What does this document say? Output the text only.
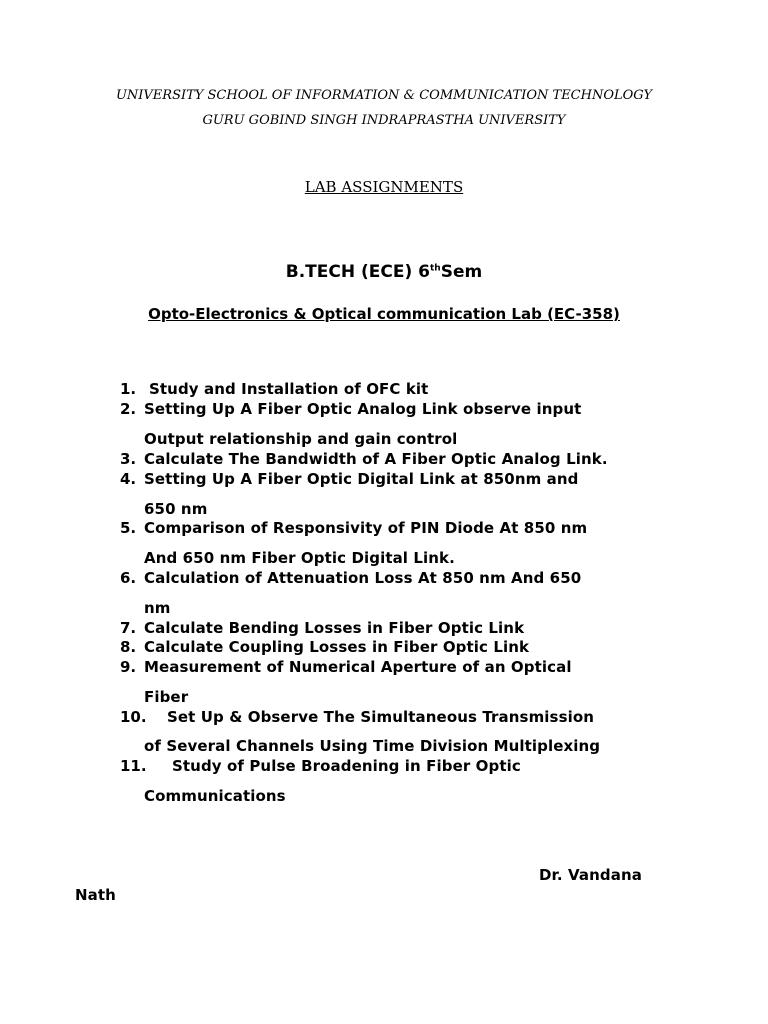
UNIVERSITY SCHOOL OF INFORMATION & COMMUNICATION TECHNOLOGY
GURU GOBIND SINGH INDRAPRASTHA UNIVERSITY
LAB ASSIGNMENTS
B.TECH (ECE) 6thSem
Opto-Electronics & Optical communication Lab (EC-358)
1. Study and Installation of OFC kit
2. Setting Up A Fiber Optic Analog Link observe input
Output relationship and gain control
3. Calculate The Bandwidth of A Fiber Optic Analog Link.
4. Setting Up A Fiber Optic Digital Link at 850nm and
650 nm
5. Comparison of Responsivity of PIN Diode At 850 nm
And 650 nm Fiber Optic Digital Link.
6. Calculation of Attenuation Loss At 850 nm And 650
nm
7. Calculate Bending Losses in Fiber Optic Link
8. Calculate Coupling Losses in Fiber Optic Link
9. Measurement of Numerical Aperture of an Optical
Fiber
10. Set Up & Observe The Simultaneous Transmission
of Several Channels Using Time Division Multiplexing
11. Study of Pulse Broadening in Fiber Optic
Communications
Dr. Vandana
Nath
